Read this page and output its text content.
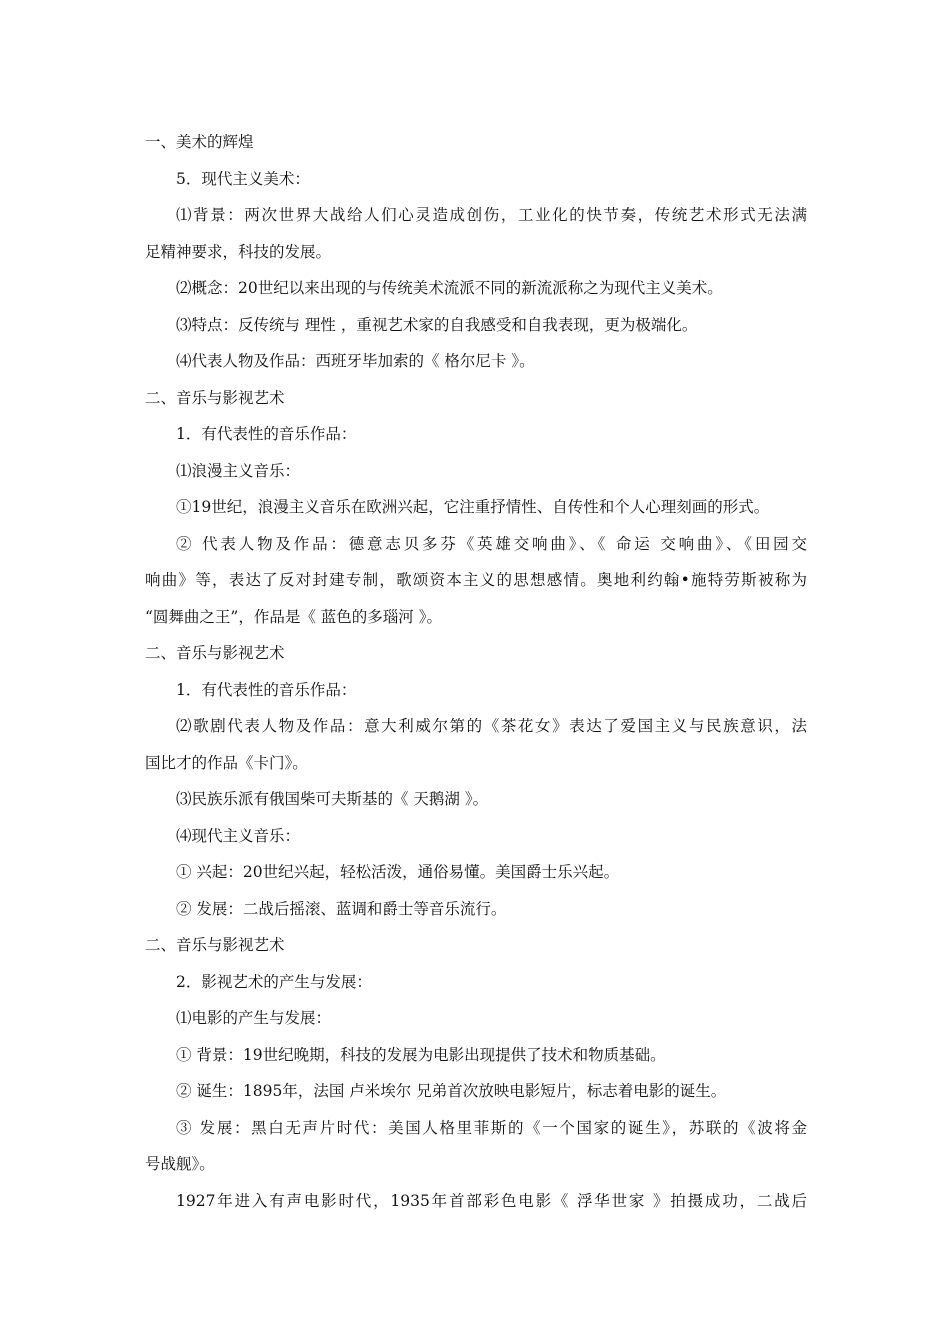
一、美术的辉煌
5．现代主义美术：
⑴背景：两次世界大战给人们心灵造成创伤，工业化的快节奏，传统艺术形式无法满
足精神要求，科技的发展。
⑵概念：20世纪以来出现的与传统美术流派不同的新流派称之为现代主义美术。
⑶特点：反传统与 理性 ，重视艺术家的自我感受和自我表现，更为极端化。
⑷代表人物及作品：西班牙毕加索的《 格尔尼卡 》。
二、音乐与影视艺术
1．有代表性的音乐作品：
⑴浪漫主义音乐：
①19世纪，浪漫主义音乐在欧洲兴起，它注重抒情性、自传性和个人心理刻画的形式。
② 代表人物及作品：德意志贝多芬《英雄交响曲》、《 命运 交响曲》、《田园交
响曲》等，表达了反对封建专制，歌颂资本主义的思想感情。奥地利约翰•施特劳斯被称为
“圆舞曲之王”，作品是《 蓝色的多瑙河 》。
二、音乐与影视艺术
1．有代表性的音乐作品：
⑵歌剧代表人物及作品：意大利威尔第的《茶花女》表达了爱国主义与民族意识，法
国比才的作品《卡门》。
⑶民族乐派有俄国柴可夫斯基的《 天鹅湖 》。
⑷现代主义音乐：
① 兴起：20世纪兴起，轻松活泼，通俗易懂。美国爵士乐兴起。
② 发展：二战后摇滚、蓝调和爵士等音乐流行。
二、音乐与影视艺术
2．影视艺术的产生与发展：
⑴电影的产生与发展：
① 背景：19世纪晚期，科技的发展为电影出现提供了技术和物质基础。
② 诞生：1895年，法国 卢米埃尔 兄弟首次放映电影短片，标志着电影的诞生。
③ 发展：黑白无声片时代：美国人格里菲斯的《一个国家的诞生》，苏联的《波将金
号战舰》。
1927年进入有声电影时代，1935年首部彩色电影《 浮华世家 》拍摄成功，二战后
